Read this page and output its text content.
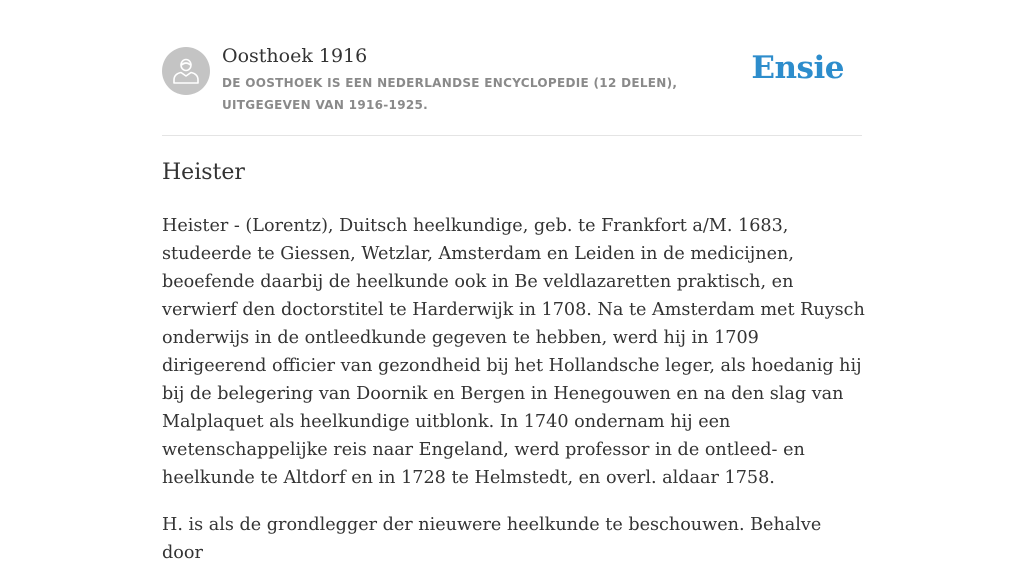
Oosthoek 1916
DE OOSTHOEK IS EEN NEDERLANDSE ENCYCLOPEDIE (12 DELEN), UITGEGEVEN VAN 1916-1925.
Ensie
Heister

Heister - (Lorentz), Duitsch heelkundige, geb. te Frankfort a/M. 1683, studeerde te Giessen, Wetzlar, Amsterdam en Leiden in de medicijnen, beoefende daarbij de heelkunde ook in Be veldlazaretten praktisch, en verwierf den doctorstitel te Harderwijk in 1708. Na te Amsterdam met Ruysch onderwijs in de ontleedkunde gegeven te hebben, werd hij in 1709 dirigeerend officier van gezondheid bij het Hollandsche leger, als hoedanig hij bij de belegering van Doornik en Bergen in Henegouwen en na den slag van Malplaquet als heelkundige uitblonk. In 1740 ondernam hij een wetenschappelijke reis naar Engeland, werd professor in de ontleed- en heelkunde te Altdorf en in 1728 te Helmstedt, en overl. aldaar 1758.

H. is als de grondlegger der nieuwere heelkunde te beschouwen. Behalve door
